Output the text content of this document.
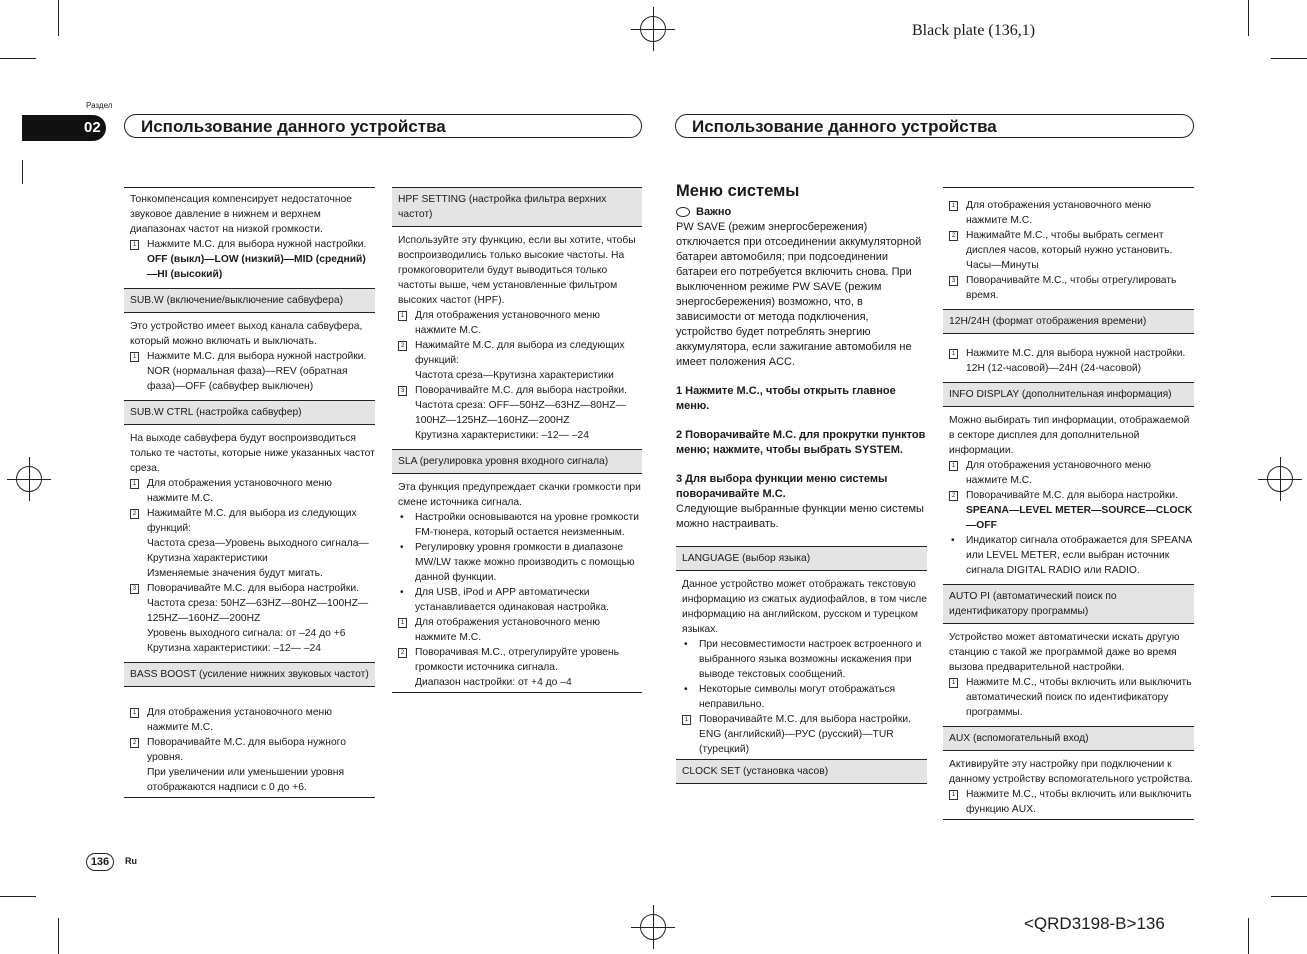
Black plate (136,1)
Раздел
02	Использование данного устройства	Использование данного устройства

Тонкомпенсация компенсирует недостаточное звуковое давление в нижнем и верхнем диапазонах частот на низкой громкости.

1 Нажмите M.C. для выбора нужной настройки.

OFF (выкл)—LOW (низкий)—MID (средний)—HI (высокий)

SUB.W (включение/выключение сабвуфера)

Это устройство имеет выход канала сабвуфера, который можно включать и выключать.

1 Нажмите M.C. для выбора нужной настройки.

NOR (нормальная фаза)—REV (обратная фаза)—OFF (сабвуфер выключен)

SUB.W CTRL (настройка сабвуфер)

На выходе сабвуфера будут воспроизводиться только те частоты, которые ниже указанных частот среза.

1 Для отображения установочного меню нажмите M.C.
2 Нажимайте M.C. для выбора из следующих функций:

Частота среза—Уровень выходного сигнала—Крутизна характеристики

Изменяемые значения будут мигать.

3 Поворачивайте M.C. для выбора настройки.

Частота среза: 50HZ—63HZ—80HZ—100HZ—125HZ—160HZ—200HZ

Уровень выходного сигнала: от –24 до +6

Крутизна характеристики: –12— –24

BASS BOOST (усиление нижних звуковых частот)
1 Для отображения установочного меню нажмите M.C.
2 Поворачивайте M.C. для выбора нужного уровня.

При увеличении или уменьшении уровня отображаются надписи с 0 до +6.

HPF SETTING (настройка фильтра верхних частот)

Используйте эту функцию, если вы хотите, чтобы воспроизводились только высокие частоты. На громкоговорители будут выводиться только частоты выше, чем установленные фильтром высоких частот (HPF).

1 Для отображения установочного меню нажмите M.C.
2 Нажимайте M.C. для выбора из следующих функций:

Частота среза—Крутизна характеристики

3 Поворачивайте M.C. для выбора настройки.

Частота среза: OFF—50HZ—63HZ—80HZ—100HZ—125HZ—160HZ—200HZ

Крутизна характеристики: –12— –24

SLA (регулировка уровня входного сигнала)

Эта функция предупреждает скачки громкости при смене источника сигнала.

• Настройки основываются на уровне громкости FM-тюнера, который остается неизменным.
• Регулировку уровня громкости в диапазоне MW/LW также можно производить с помощью данной функции.
• Для USB, iPod и APP автоматически устанавливается одинаковая настройка.
1 Для отображения установочного меню нажмите M.C.
2 Поворачивая M.C., отрегулируйте уровень громкости источника сигнала.

Диапазон настройки: от +4 до –4

Меню системы
Важно

PW SAVE (режим энергосбережения) отключается при отсоединении аккумуляторной батареи автомобиля; при подсоединении батареи его потребуется включить снова. При выключенном режиме PW SAVE (режим энергосбережения) возможно, что, в зависимости от метода подключения, устройство будет потреблять энергию аккумулятора, если зажигание автомобиля не имеет положения ACC.

1 Нажмите M.C., чтобы открыть главное меню.

2 Поворачивайте M.C. для прокрутки пунктов меню; нажмите, чтобы выбрать SYSTEM.

3 Для выбора функции меню системы поворачивайте M.C.

Следующие выбранные функции меню системы можно настраивать.

LANGUAGE (выбор языка)

Данное устройство может отображать текстовую информацию из сжатых аудиофайлов, в том числе информацию на английском, русском и турецком языках.

• При несовместимости настроек встроенного и выбранного языка возможны искажения при выводе текстовых сообщений.
• Некоторые символы могут отображаться неправильно.
1 Поворачивайте M.C. для выбора настройки.

ENG (английский)—РУС (русский)—TUR (турецкий)

CLOCK SET (установка часов)
1 Для отображения установочного меню нажмите M.C.
2 Нажимайте M.C., чтобы выбрать сегмент дисплея часов, который нужно установить.

Часы—Минуты

3 Поворачивайте M.C., чтобы отрегулировать время.
12H/24H (формат отображения времени)
1 Нажмите M.C. для выбора нужной настройки.

12H (12-часовой)—24H (24-часовой)

INFO DISPLAY (дополнительная информация)

Можно выбирать тип информации, отображаемой в секторе дисплея для дополнительной информации.

1 Для отображения установочного меню нажмите M.C.
2 Поворачивайте M.C. для выбора настройки.

SPEANA—LEVEL METER—SOURCE—CLOCK—OFF

• Индикатор сигнала отображается для SPEANA или LEVEL METER, если выбран источник сигнала DIGITAL RADIO или RADIO.
AUTO PI (автоматический поиск по идентификатору программы)

Устройство может автоматически искать другую станцию с такой же программой даже во время вызова предварительной настройки.

1 Нажмите M.C., чтобы включить или выключить автоматический поиск по идентификатору программы.
AUX (вспомогательный вход)

Активируйте эту настройку при подключении к данному устройству вспомогательного устройства.

1 Нажмите M.C., чтобы включить или выключить функцию AUX.
136	Ru
<QRD3198-B>136
